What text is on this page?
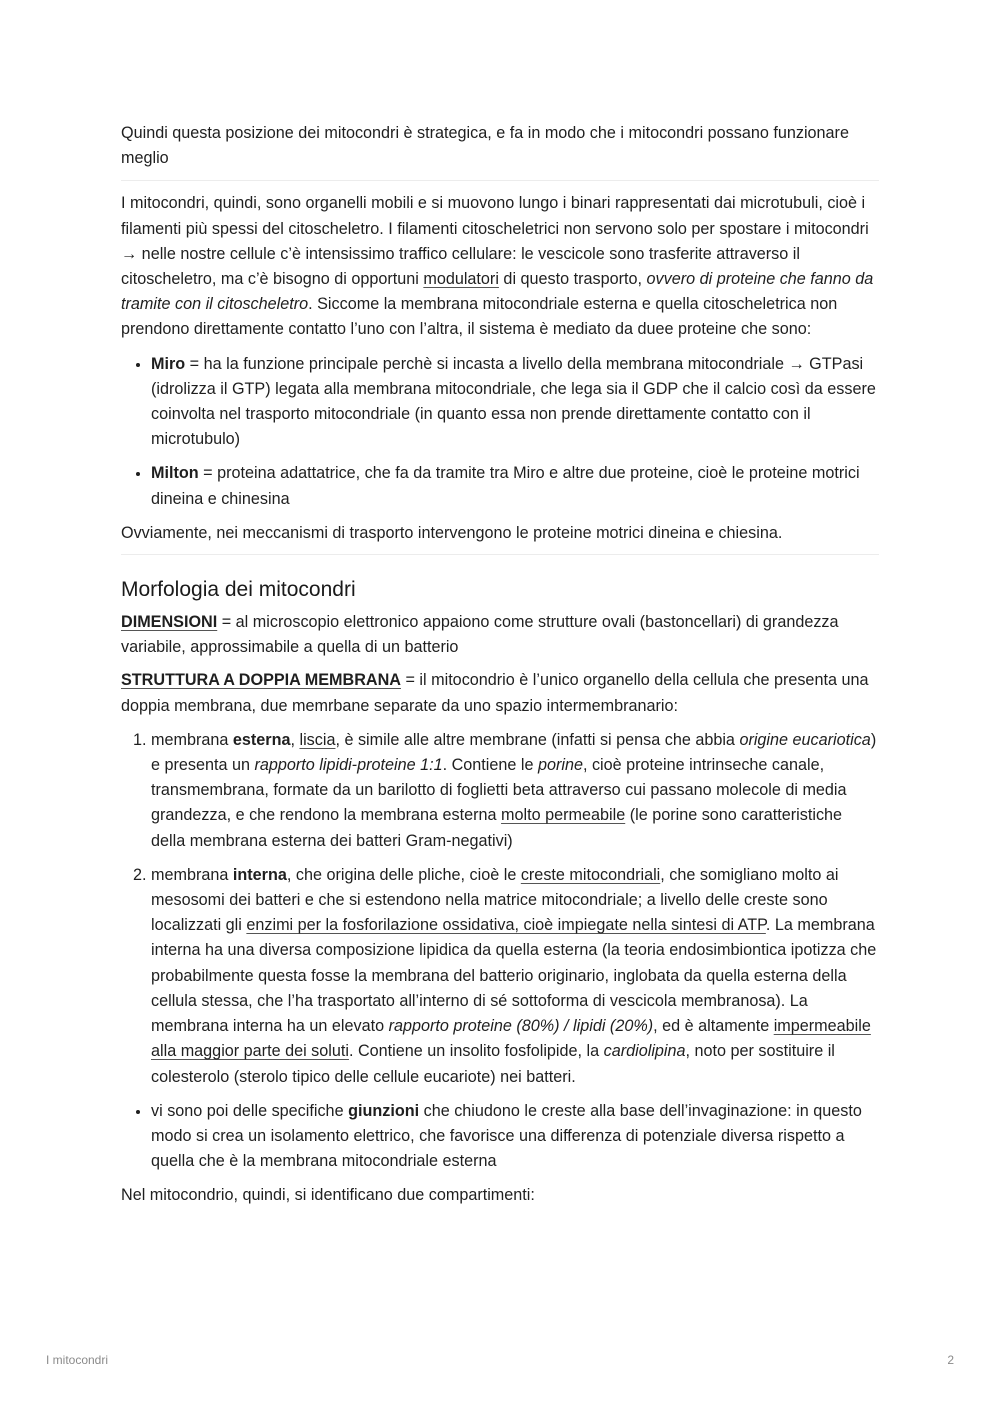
Quindi questa posizione dei mitocondri è strategica, e fa in modo che i mitocondri possano funzionare meglio

I mitocondri, quindi, sono organelli mobili e si muovono lungo i binari rappresentati dai microtubuli, cioè i filamenti più spessi del citoscheletro. I filamenti citoscheletrici non servono solo per spostare i mitocondri → nelle nostre cellule c’è intensissimo traffico cellulare: le vescicole sono trasferite attraverso il citoscheletro, ma c’è bisogno di opportuni modulatori di questo trasporto, ovvero di proteine che fanno da tramite con il citoscheletro. Siccome la membrana mitocondriale esterna e quella citoscheletrica non prendono direttamente contatto l’uno con l’altra, il sistema è mediato da duee proteine che sono:

• Miro = ha la funzione principale perchè si incasta a livello della membrana mitocondriale → GTPasi (idrolizza il GTP) legata alla membrana mitocondriale, che lega sia il GDP che il calcio così da essere coinvolta nel trasporto mitocondriale (in quanto essa non prende direttamente contatto con il microtubulo)
• Milton = proteina adattatrice, che fa da tramite tra Miro e altre due proteine, cioè le proteine motrici dineina e chinesina

Ovviamente, nei meccanismi di trasporto intervengono le proteine motrici dineina e chiesina.

Morfologia dei mitocondri

DIMENSIONI = al microscopio elettronico appaiono come strutture ovali (bastoncellari) di grandezza variabile, approssimabile a quella di un batterio

STRUTTURA A DOPPIA MEMBRANA = il mitocondrio è l’unico organello della cellula che presenta una doppia membrana, due memrbane separate da uno spazio intermembranario:

1. membrana esterna, liscia, è simile alle altre membrane (infatti si pensa che abbia origine eucariotica) e presenta un rapporto lipidi-proteine 1:1. Contiene le porine, cioè proteine intrinseche canale, transmembrana, formate da un barilotto di foglietti beta attraverso cui passano molecole di media grandezza, e che rendono la membrana esterna molto permeabile (le porine sono caratteristiche della membrana esterna dei batteri Gram-negativi)
2. membrana interna, che origina delle pliche, cioè le creste mitocondriali, che somigliano molto ai mesosomi dei batteri e che si estendono nella matrice mitocondriale; a livello delle creste sono localizzati gli enzimi per la fosforilazione ossidativa, cioè impiegate nella sintesi di ATP. La membrana interna ha una diversa composizione lipidica da quella esterna (la teoria endosimbiontica ipotizza che probabilmente questa fosse la membrana del batterio originario, inglobata da quella esterna della cellula stessa, che l’ha trasportato all’interno di sé sottoforma di vescicola membranosa). La membrana interna ha un elevato rapporto proteine (80%) / lipidi (20%), ed è altamente impermeabile alla maggior parte dei soluti. Contiene un insolito fosfolipide, la cardiolipina, noto per sostituire il colesterolo (sterolo tipico delle cellule eucariote) nei batteri.
• vi sono poi delle specifiche giunzioni che chiudono le creste alla base dell’invaginazione: in questo modo si crea un isolamento elettrico, che favorisce una differenza di potenziale diversa rispetto a quella che è la membrana mitocondriale esterna

Nel mitocondrio, quindi, si identificano due compartimenti:

I mitocondri	2
